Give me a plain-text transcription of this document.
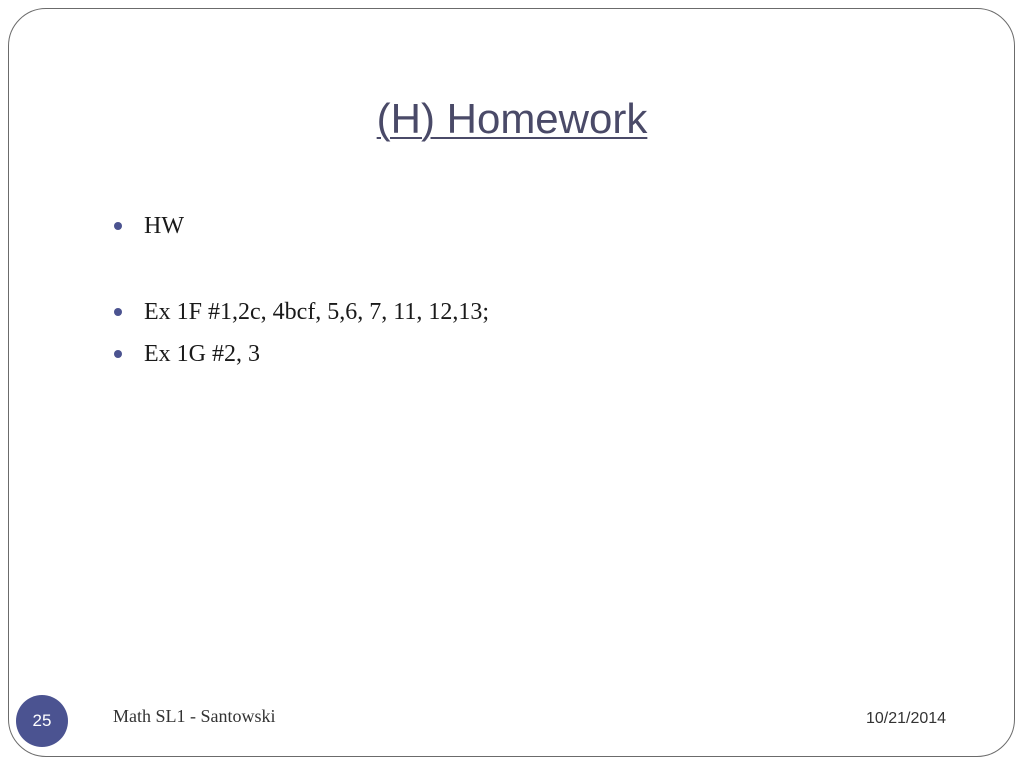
(H) Homework
HW
Ex 1F #1,2c, 4bcf, 5,6, 7, 11, 12,13;
Ex 1G #2, 3
25	Math SL1 - Santowski	10/21/2014
